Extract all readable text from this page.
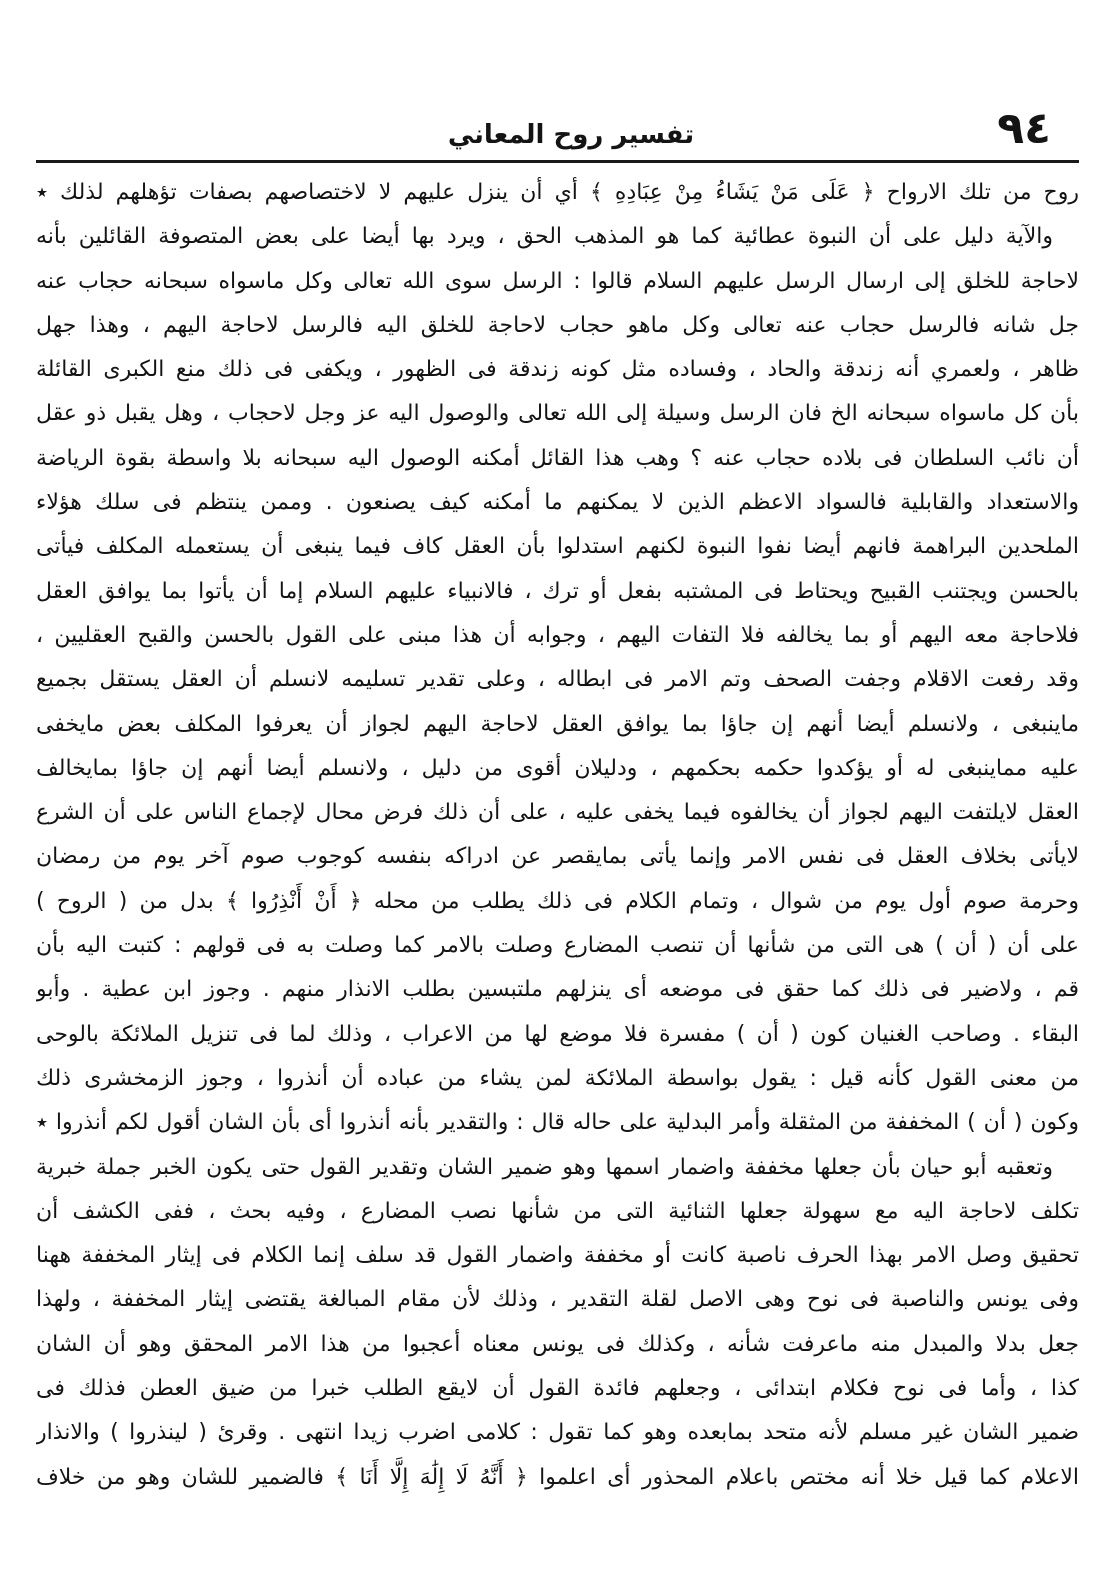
٩٤
تفسير روح المعاني
روح من تلك الارواح ﴿ عَلَى مَنْ يَشَاءُ مِنْ عِبَادِهِ ﴾ أي أن ينزل عليهم لا لاختصاصهم بصفات تؤهلهم لذلك ٭
والآية دليل على أن النبوة عطائية كما هو المذهب الحق ، ويرد بها أيضا على بعض المتصوفة القائلين بأنه
لاحاجة للخلق إلى ارسال الرسل عليهم السلام قالوا : الرسل سوى الله تعالى وكل ماسواه سبحانه حجاب عنه
جل شانه فالرسل حجاب عنه تعالى وكل ماهو حجاب لاحاجة للخلق اليه فالرسل لاحاجة اليهم ، وهذا جهل
ظاهر ، ولعمري أنه زندقة والحاد ، وفساده مثل كونه زندقة فى الظهور ، ويكفى فى ذلك منع الكبرى القائلة
بأن كل ماسواه سبحانه الخ فان الرسل وسيلة إلى الله تعالى والوصول اليه عز وجل لاحجاب ، وهل يقبل ذو عقل
أن نائب السلطان فى بلاده حجاب عنه ؟ وهب هذا القائل أمكنه الوصول اليه سبحانه بلا واسطة بقوة الرياضة
والاستعداد والقابلية فالسواد الاعظم الذين لا يمكنهم ما أمكنه كيف يصنعون . وممن ينتظم فى سلك هؤلاء
الملحدين البراهمة فانهم أيضا نفوا النبوة لكنهم استدلوا بأن العقل كاف فيما ينبغى أن يستعمله المكلف فيأتى
بالحسن ويجتنب القبيح ويحتاط فى المشتبه بفعل أو ترك ، فالانبياء عليهم السلام إما أن يأتوا بما يوافق العقل
فلاحاجة معه اليهم أو بما يخالفه فلا التفات اليهم ، وجوابه أن هذا مبنى على القول بالحسن والقبح العقليين ،
وقد رفعت الاقلام وجفت الصحف وتم الامر فى ابطاله ، وعلى تقدير تسليمه لانسلم أن العقل يستقل بجميع
ماينبغى ، ولانسلم أيضا أنهم إن جاؤا بما يوافق العقل لاحاجة اليهم لجواز أن يعرفوا المكلف بعض مايخفى
عليه مماينبغى له أو يؤكدوا حكمه بحكمهم ، ودليلان أقوى من دليل ، ولانسلم أيضا أنهم إن جاؤا بمايخالف
العقل لايلتفت اليهم لجواز أن يخالفوه فيما يخفى عليه ، على أن ذلك فرض محال لإجماع الناس على أن الشرع
لايأتى بخلاف العقل فى نفس الامر وإنما يأتى بمايقصر عن ادراكه بنفسه كوجوب صوم آخر يوم من رمضان
وحرمة صوم أول يوم من شوال ، وتمام الكلام فى ذلك يطلب من محله ﴿ أَنْ أَنْذِرُوا ﴾ بدل من ( الروح )
على أن ( أن ) هى التى من شأنها أن تنصب المضارع وصلت بالامر كما وصلت به فى قولهم : كتبت اليه بأن
قم ، ولاضير فى ذلك كما حقق فى موضعه أى ينزلهم ملتبسين بطلب الانذار منهم . وجوز ابن عطية . وأبو
البقاء . وصاحب الغنيان كون ( أن ) مفسرة فلا موضع لها من الاعراب ، وذلك لما فى تنزيل الملائكة بالوحى
من معنى القول كأنه قيل : يقول بواسطة الملائكة لمن يشاء من عباده أن أنذروا ، وجوز الزمخشرى ذلك
وكون ( أن ) المخففة من المثقلة وأمر البدلية على حاله قال : والتقدير بأنه أنذروا أى بأن الشان أقول لكم أنذروا ٭
وتعقبه أبو حيان بأن جعلها مخففة واضمار اسمها وهو ضمير الشان وتقدير القول حتى يكون الخبر جملة خبرية
تكلف لاحاجة اليه مع سهولة جعلها الثنائية التى من شأنها نصب المضارع ، وفيه بحث ، ففى الكشف أن
تحقيق وصل الامر بهذا الحرف ناصبة كانت أو مخففة واضمار القول قد سلف إنما الكلام فى إيثار المخففة ههنا
وفى يونس والناصبة فى نوح وهى الاصل لقلة التقدير ، وذلك لأن مقام المبالغة يقتضى إيثار المخففة ، ولهذا
جعل بدلا والمبدل منه ماعرفت شأنه ، وكذلك فى يونس معناه أعجبوا من هذا الامر المحقق وهو أن الشان
كذا ، وأما فى نوح فكلام ابتدائى ، وجعلهم فائدة القول أن لايقع الطلب خبرا من ضيق العطن فذلك فى
ضمير الشان غير مسلم لأنه متحد بمابعده وهو كما تقول : كلامى اضرب زيدا انتهى . وقرئ ( لينذروا ) والانذار
الاعلام كما قيل خلا أنه مختص باعلام المحذور أى اعلموا ﴿ أَنَّهُ لَا إِلَٰهَ إِلَّا أَنَا ﴾ فالضمير للشان وهو من خلاف
